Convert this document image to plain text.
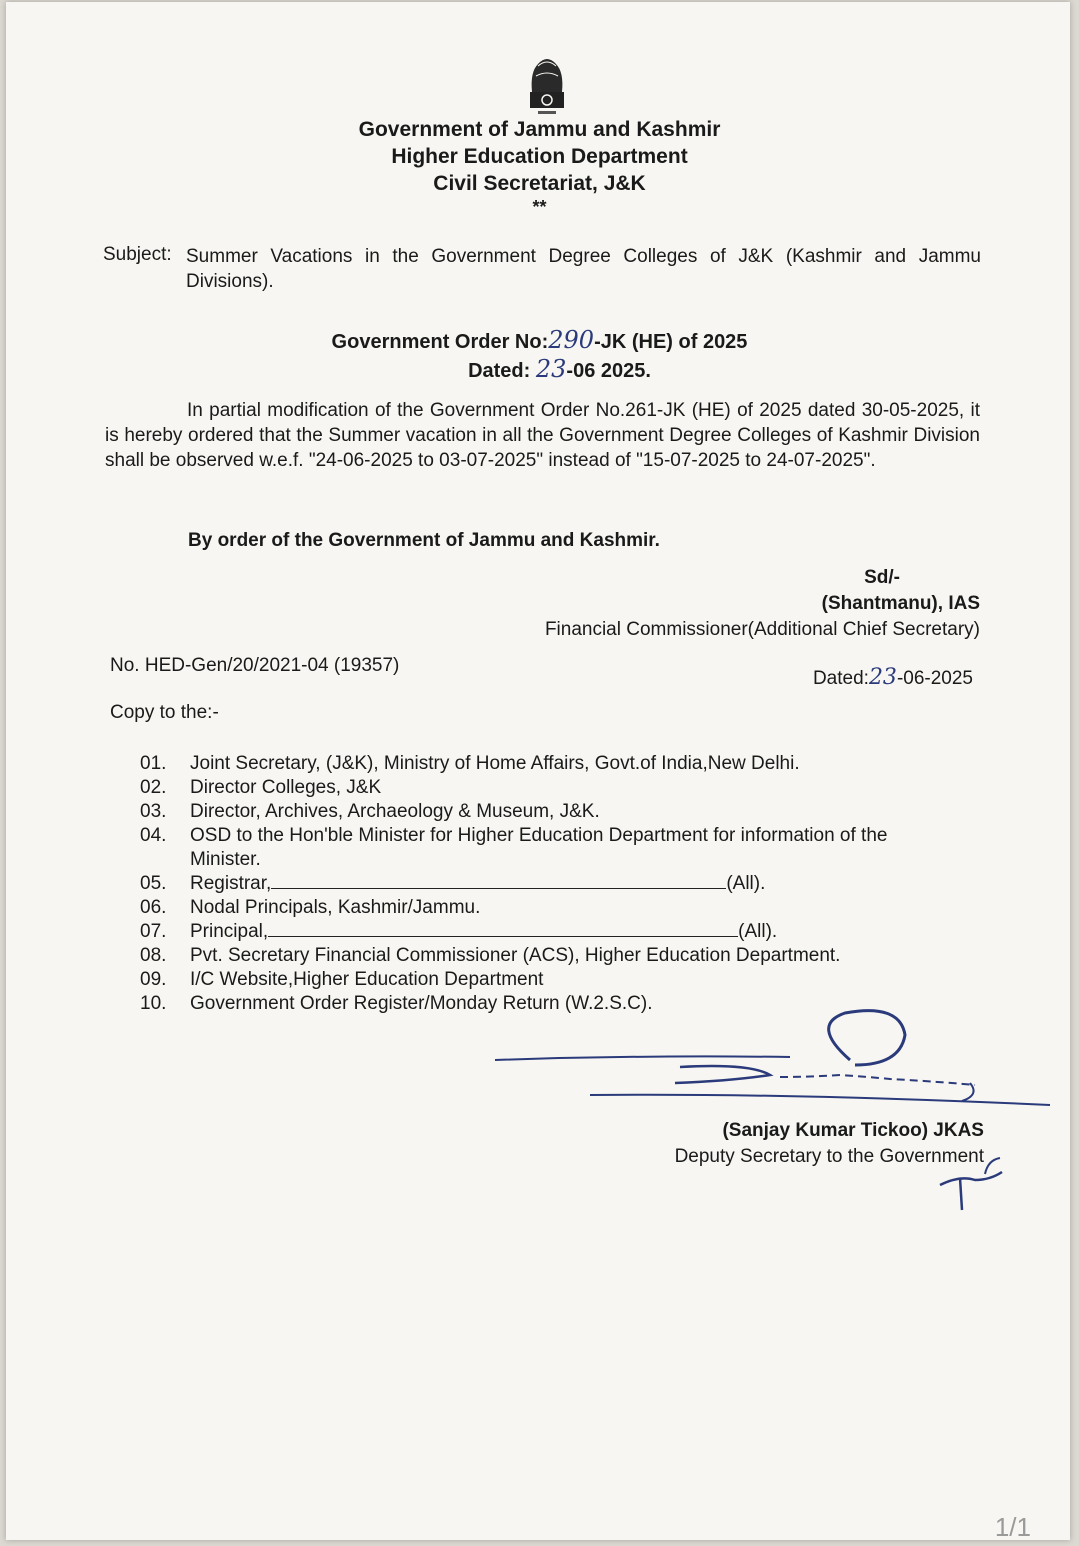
Government of Jammu and Kashmir
Higher Education Department
Civil Secretariat, J&K
**
Subject: Summer Vacations in the Government Degree Colleges of J&K (Kashmir and Jammu Divisions).
Government Order No:290-JK (HE) of 2025
Dated: 23-06 2025.
In partial modification of the Government Order No.261-JK (HE) of 2025 dated 30-05-2025, it is hereby ordered that the Summer vacation in all the Government Degree Colleges of Kashmir Division shall be observed w.e.f. "24-06-2025 to 03-07-2025" instead of "15-07-2025 to 24-07-2025".
By order of the Government of Jammu and Kashmir.
Sd/-
(Shantmanu), IAS
Financial Commissioner(Additional Chief Secretary)
No. HED-Gen/20/2021-04 (19357)
Dated:23-06-2025
Copy to the:-
01. Joint Secretary, (J&K), Ministry of Home Affairs, Govt.of India,New Delhi.
02. Director Colleges, J&K
03. Director, Archives, Archaeology & Museum, J&K.
04. OSD to the Hon'ble Minister for Higher Education Department for information of the Minister.
05. Registrar,	(All).
06. Nodal Principals, Kashmir/Jammu.
07. Principal,	(All).
08. Pvt. Secretary Financial Commissioner (ACS), Higher Education Department.
09. I/C Website,Higher Education Department
10. Government Order Register/Monday Return (W.2.S.C).
(Sanjay Kumar Tickoo) JKAS
Deputy Secretary to the Government
1/1
